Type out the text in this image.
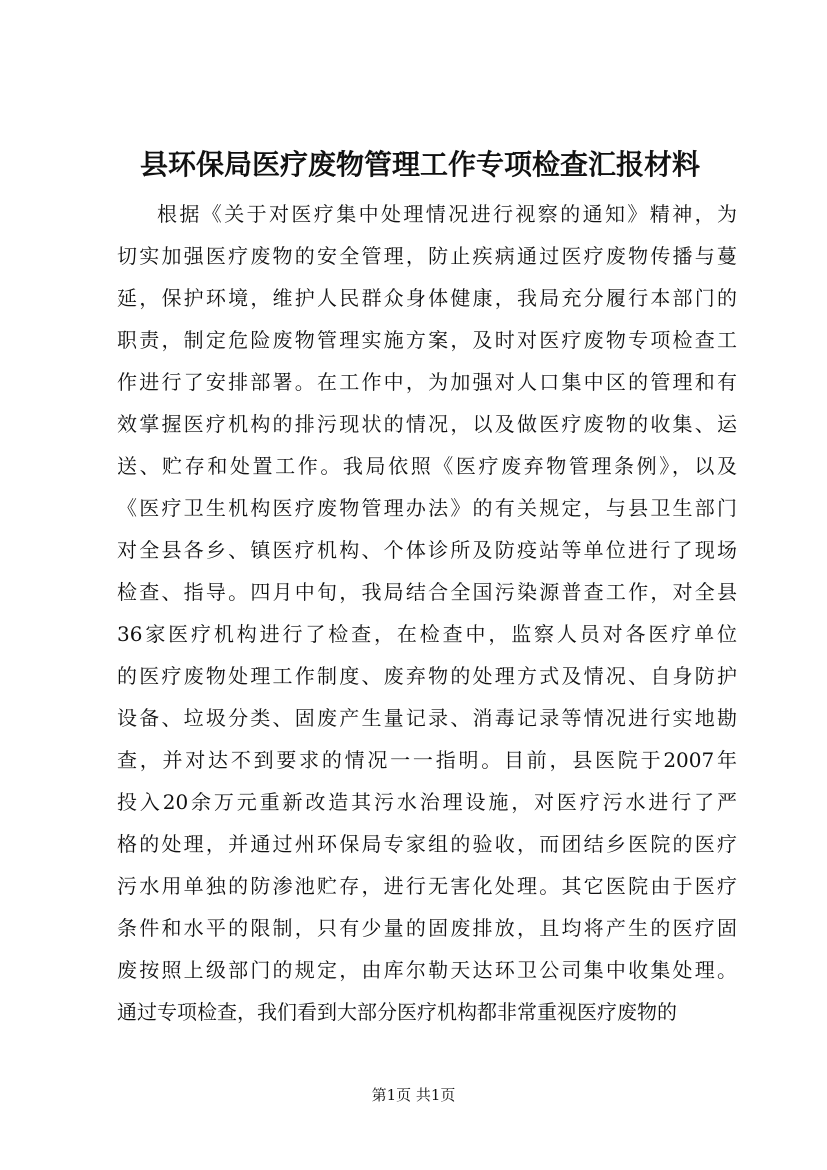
县环保局医疗废物管理工作专项检查汇报材料
根据《关于对医疗集中处理情况进行视察的通知》精神，为
切实加强医疗废物的安全管理，防止疾病通过医疗废物传播与蔓
延，保护环境，维护人民群众身体健康，我局充分履行本部门的
职责，制定危险废物管理实施方案，及时对医疗废物专项检查工
作进行了安排部署。在工作中，为加强对人口集中区的管理和有
效掌握医疗机构的排污现状的情况，以及做医疗废物的收集、运
送、贮存和处置工作。我局依照《医疗废弃物管理条例》，以及
《医疗卫生机构医疗废物管理办法》的有关规定，与县卫生部门
对全县各乡、镇医疗机构、个体诊所及防疫站等单位进行了现场
检查、指导。四月中旬，我局结合全国污染源普查工作，对全县
36家医疗机构进行了检查，在检查中，监察人员对各医疗单位
的医疗废物处理工作制度、废弃物的处理方式及情况、自身防护
设备、垃圾分类、固废产生量记录、消毒记录等情况进行实地勘
查，并对达不到要求的情况一一指明。目前，县医院于2007年
投入20余万元重新改造其污水治理设施，对医疗污水进行了严
格的处理，并通过州环保局专家组的验收，而团结乡医院的医疗
污水用单独的防渗池贮存，进行无害化处理。其它医院由于医疗
条件和水平的限制，只有少量的固废排放，且均将产生的医疗固
废按照上级部门的规定，由库尔勒天达环卫公司集中收集处理。
通过专项检查，我们看到大部分医疗机构都非常重视医疗废物的
第1页 共1页
